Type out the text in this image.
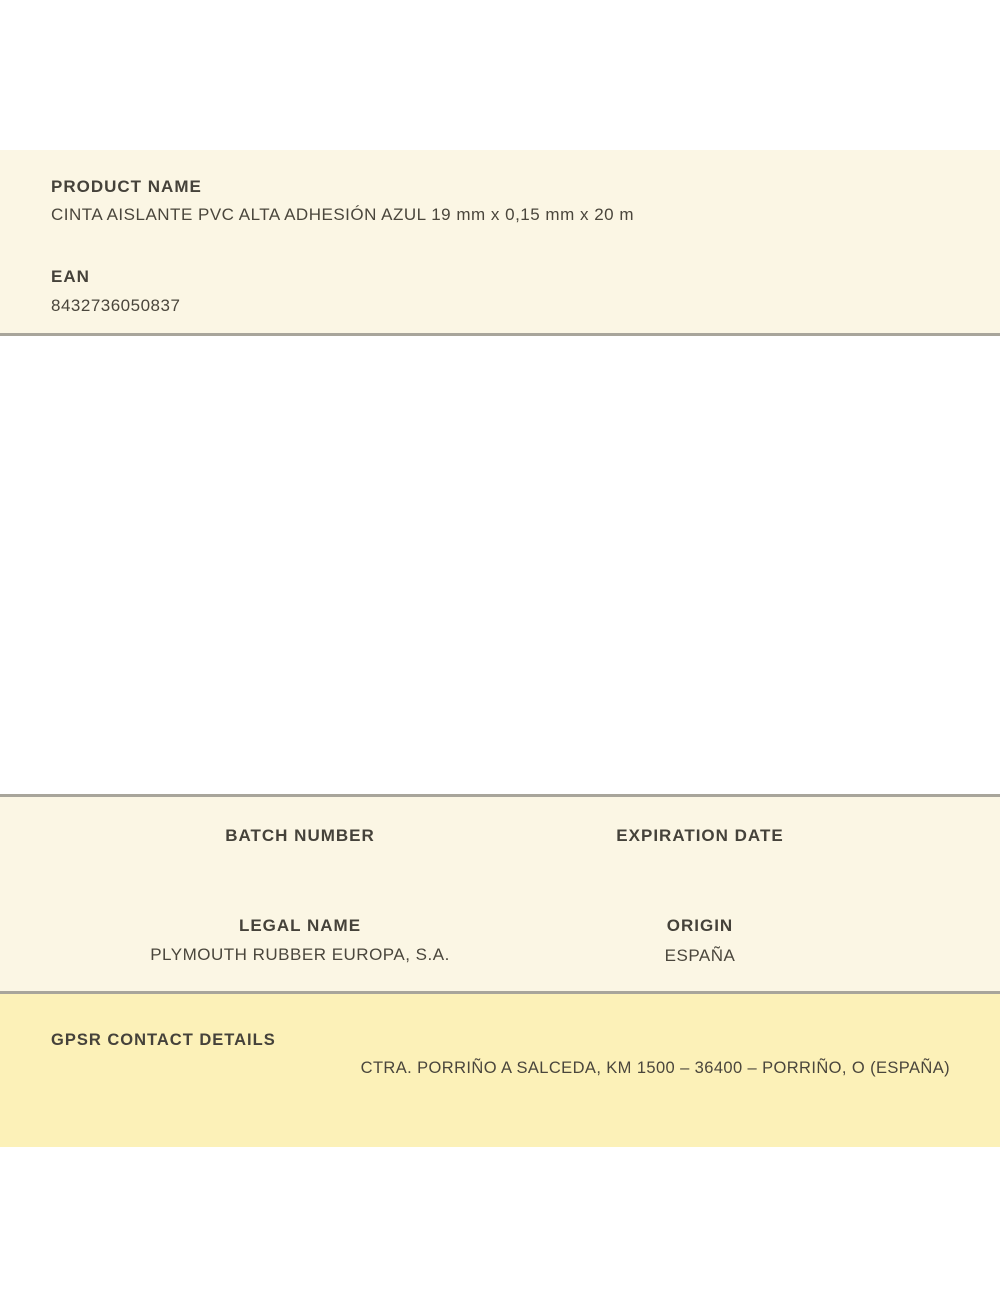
PRODUCT NAME
CINTA AISLANTE PVC ALTA ADHESIÓN AZUL 19 mm x 0,15 mm x 20 m
EAN
8432736050837
BATCH NUMBER	EXPIRATION DATE
LEGAL NAME
PLYMOUTH RUBBER EUROPA, S.A.
ORIGIN
ESPAÑA
GPSR CONTACT DETAILS
CTRA. PORRIÑO A SALCEDA, KM 1500 – 36400 – PORRIÑO, O (ESPAÑA)
